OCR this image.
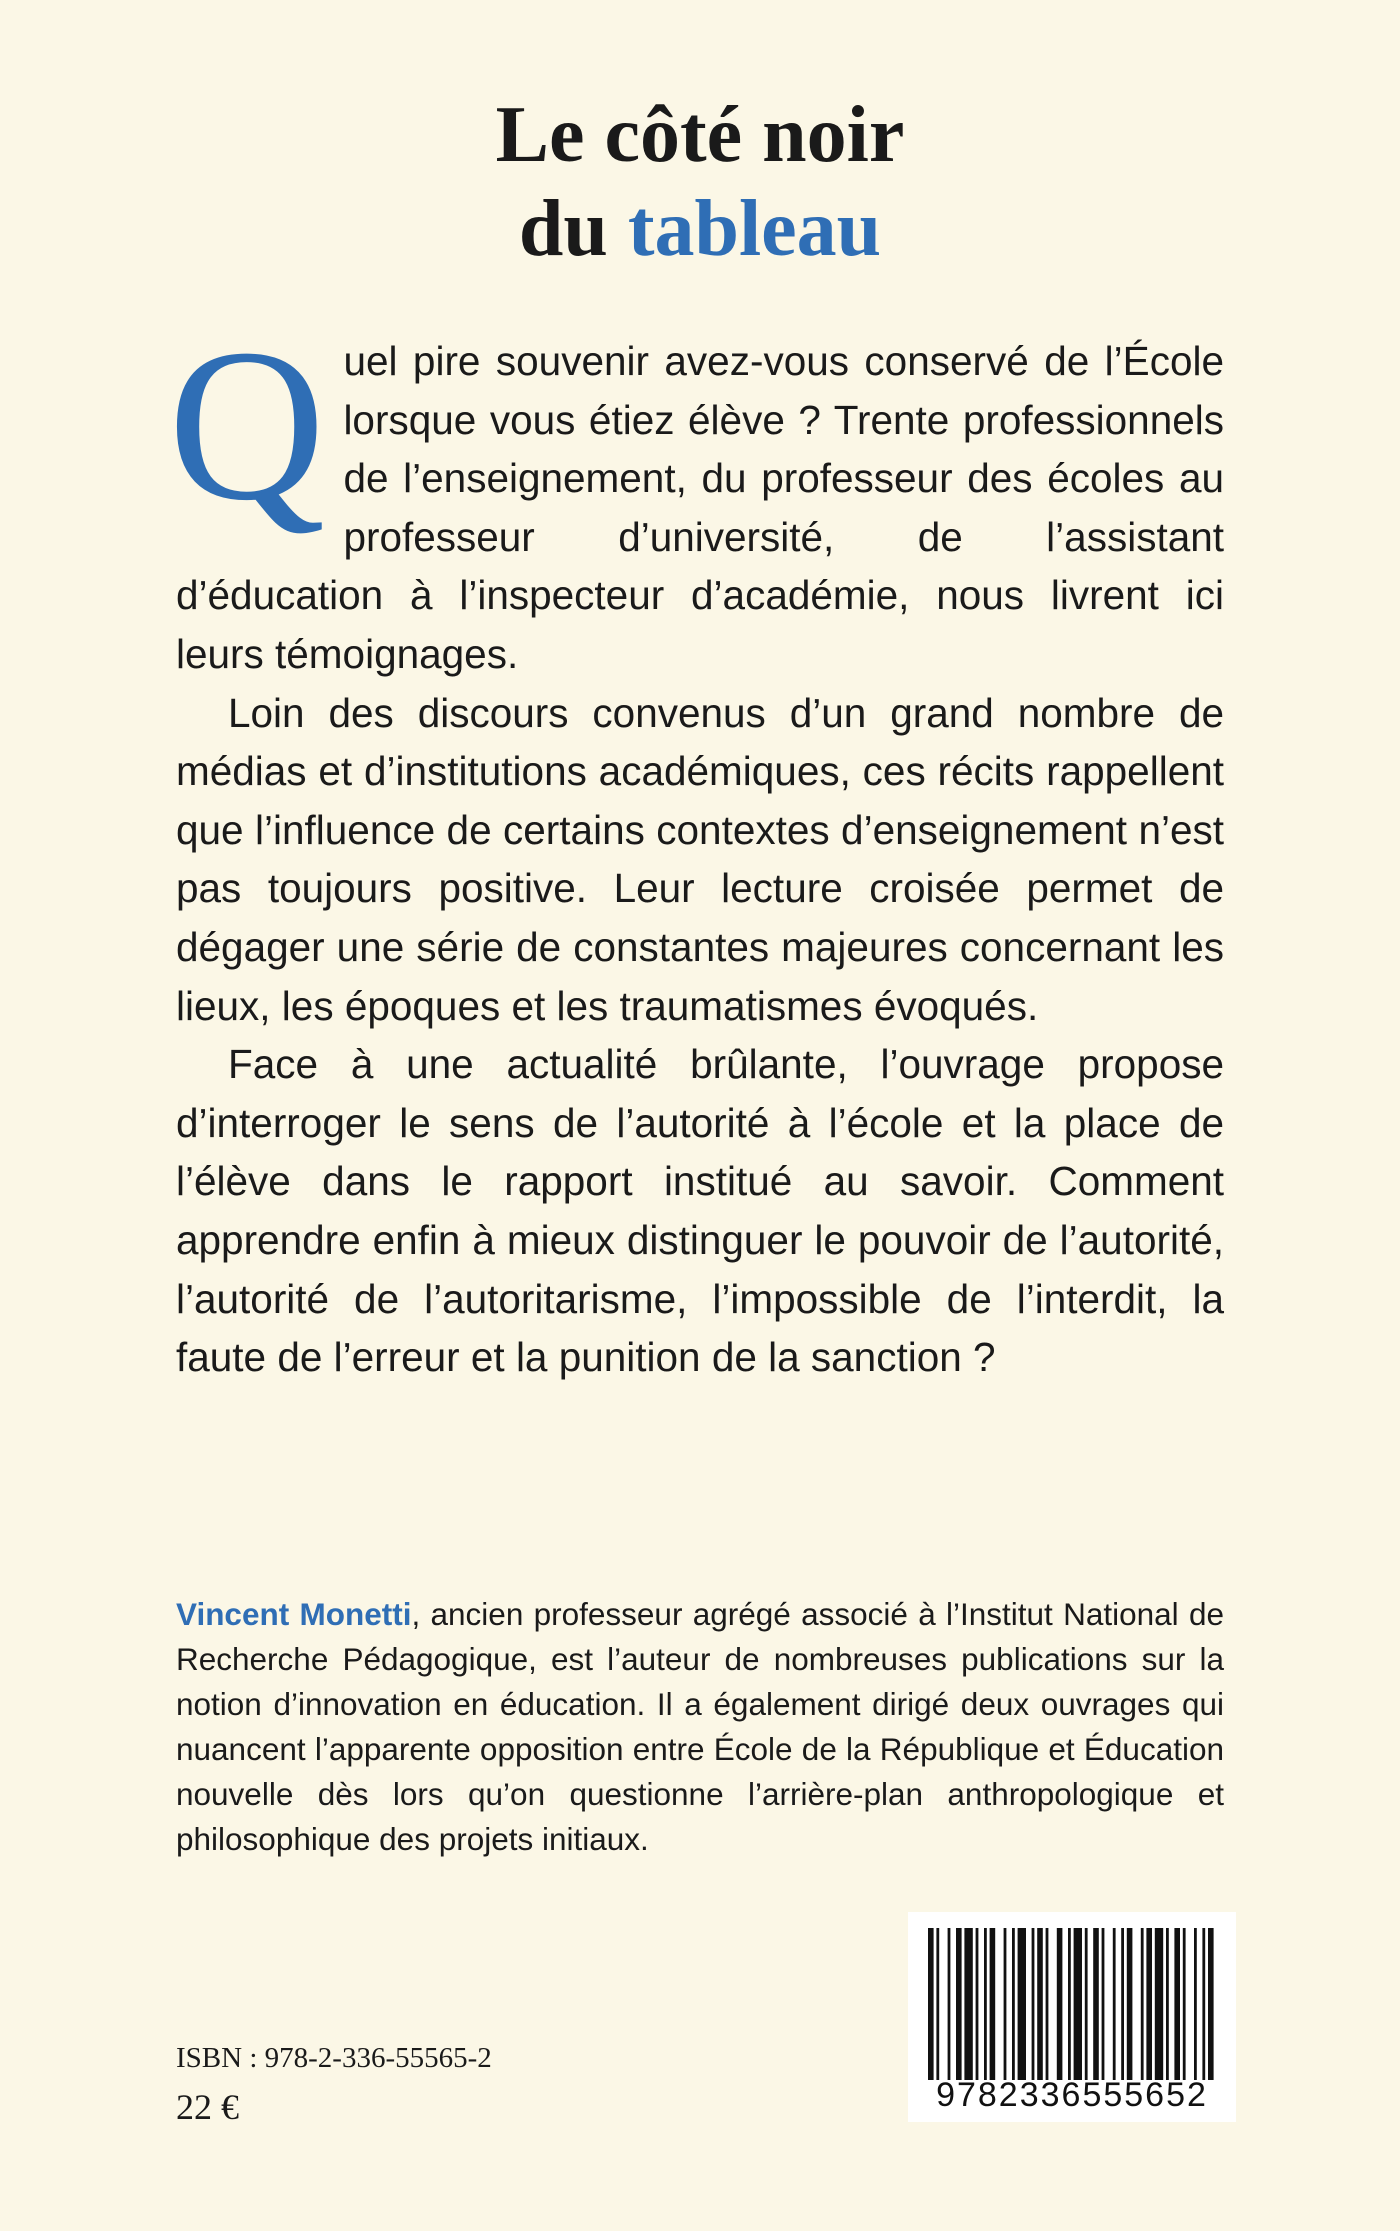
Le côté noir
du tableau

Quel pire souvenir avez-vous conservé de l’École lorsque vous étiez élève ? Trente professionnels de l’enseignement, du professeur des écoles au professeur d’université, de l’assistant d’éducation à l’inspecteur d’académie, nous livrent ici leurs témoignages.

Loin des discours convenus d’un grand nombre de médias et d’institutions académiques, ces récits rappellent que l’influence de certains contextes d’enseignement n’est pas toujours positive. Leur lecture croisée permet de dégager une série de constantes majeures concernant les lieux, les époques et les traumatismes évoqués.

Face à une actualité brûlante, l’ouvrage propose d’interroger le sens de l’autorité à l’école et la place de l’élève dans le rapport institué au savoir. Comment apprendre enfin à mieux distinguer le pouvoir de l’autorité, l’autorité de l’autoritarisme, l’impossible de l’interdit, la faute de l’erreur et la punition de la sanction ?

Vincent Monetti, ancien professeur agrégé associé à l’Institut National de Recherche Pédagogique, est l’auteur de nombreuses publications sur la notion d’innovation en éducation. Il a également dirigé deux ouvrages qui nuancent l’apparente opposition entre École de la République et Éducation nouvelle dès lors qu’on questionne l’arrière-plan anthropologique et philosophique des projets initiaux.
ISBN : 978-2-336-55565-2
22 €	9782336555652
